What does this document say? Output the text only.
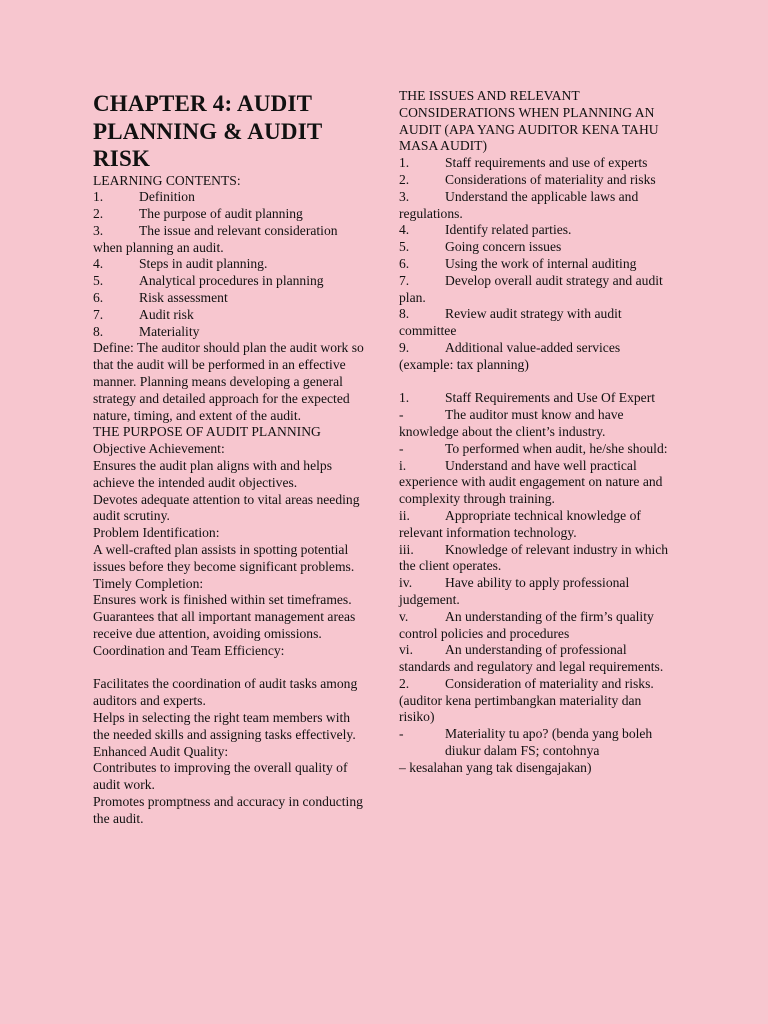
CHAPTER 4: AUDIT PLANNING & AUDIT RISK

LEARNING CONTENTS:

1.	Definition
2.	The purpose of audit planning
3.	The issue and relevant consideration when planning an audit.
4.	Steps in audit planning.
5.	Analytical procedures in planning
6.	Risk assessment
7.	Audit risk
8.	Materiality

Define: The auditor should plan the audit work so that the audit will be performed in an effective manner. Planning means developing a general strategy and detailed approach for the expected nature, timing, and extent of the audit.

THE PURPOSE OF AUDIT PLANNING

Objective Achievement:

Ensures the audit plan aligns with and helps achieve the intended audit objectives.

Devotes adequate attention to vital areas needing audit scrutiny.

Problem Identification:

A well-crafted plan assists in spotting potential issues before they become significant problems.

Timely Completion:

Ensures work is finished within set timeframes.

Guarantees that all important management areas receive due attention, avoiding omissions.

Coordination and Team Efficiency:

Facilitates the coordination of audit tasks among auditors and experts.

Helps in selecting the right team members with the needed skills and assigning tasks effectively.

Enhanced Audit Quality:

Contributes to improving the overall quality of audit work.

Promotes promptness and accuracy in conducting the audit.

THE ISSUES AND RELEVANT CONSIDERATIONS WHEN PLANNING AN AUDIT (APA YANG AUDITOR KENA TAHU MASA AUDIT)

1.	Staff requirements and use of experts
2.	Considerations of materiality and risks
3.	Understand the applicable laws and regulations.
4.	Identify related parties.
5.	Going concern issues
6.	Using the work of internal auditing
7.	Develop overall audit strategy and audit plan.
8.	Review audit strategy with audit committee
9.	Additional value-added services (example: tax planning)
1.	Staff Requirements and Use Of Expert
-	The auditor must know and have knowledge about the client’s industry.
-	To performed when audit, he/she should:
i.	Understand and have well practical experience with audit engagement on nature and complexity through training.
ii.	Appropriate technical knowledge of relevant information technology.
iii. Knowledge of relevant industry in which the client operates.
iv. Have ability to apply professional judgement.
v.	An understanding of the firm’s quality control policies and procedures
vi. An understanding of professional standards and regulatory and legal requirements.
2.	Consideration of materiality and risks.

(auditor kena pertimbangkan materiality dan risiko)

-	Materiality tu apo? (benda yang boleh diukur dalam FS; contohnya

– kesalahan yang tak disengajakan)
